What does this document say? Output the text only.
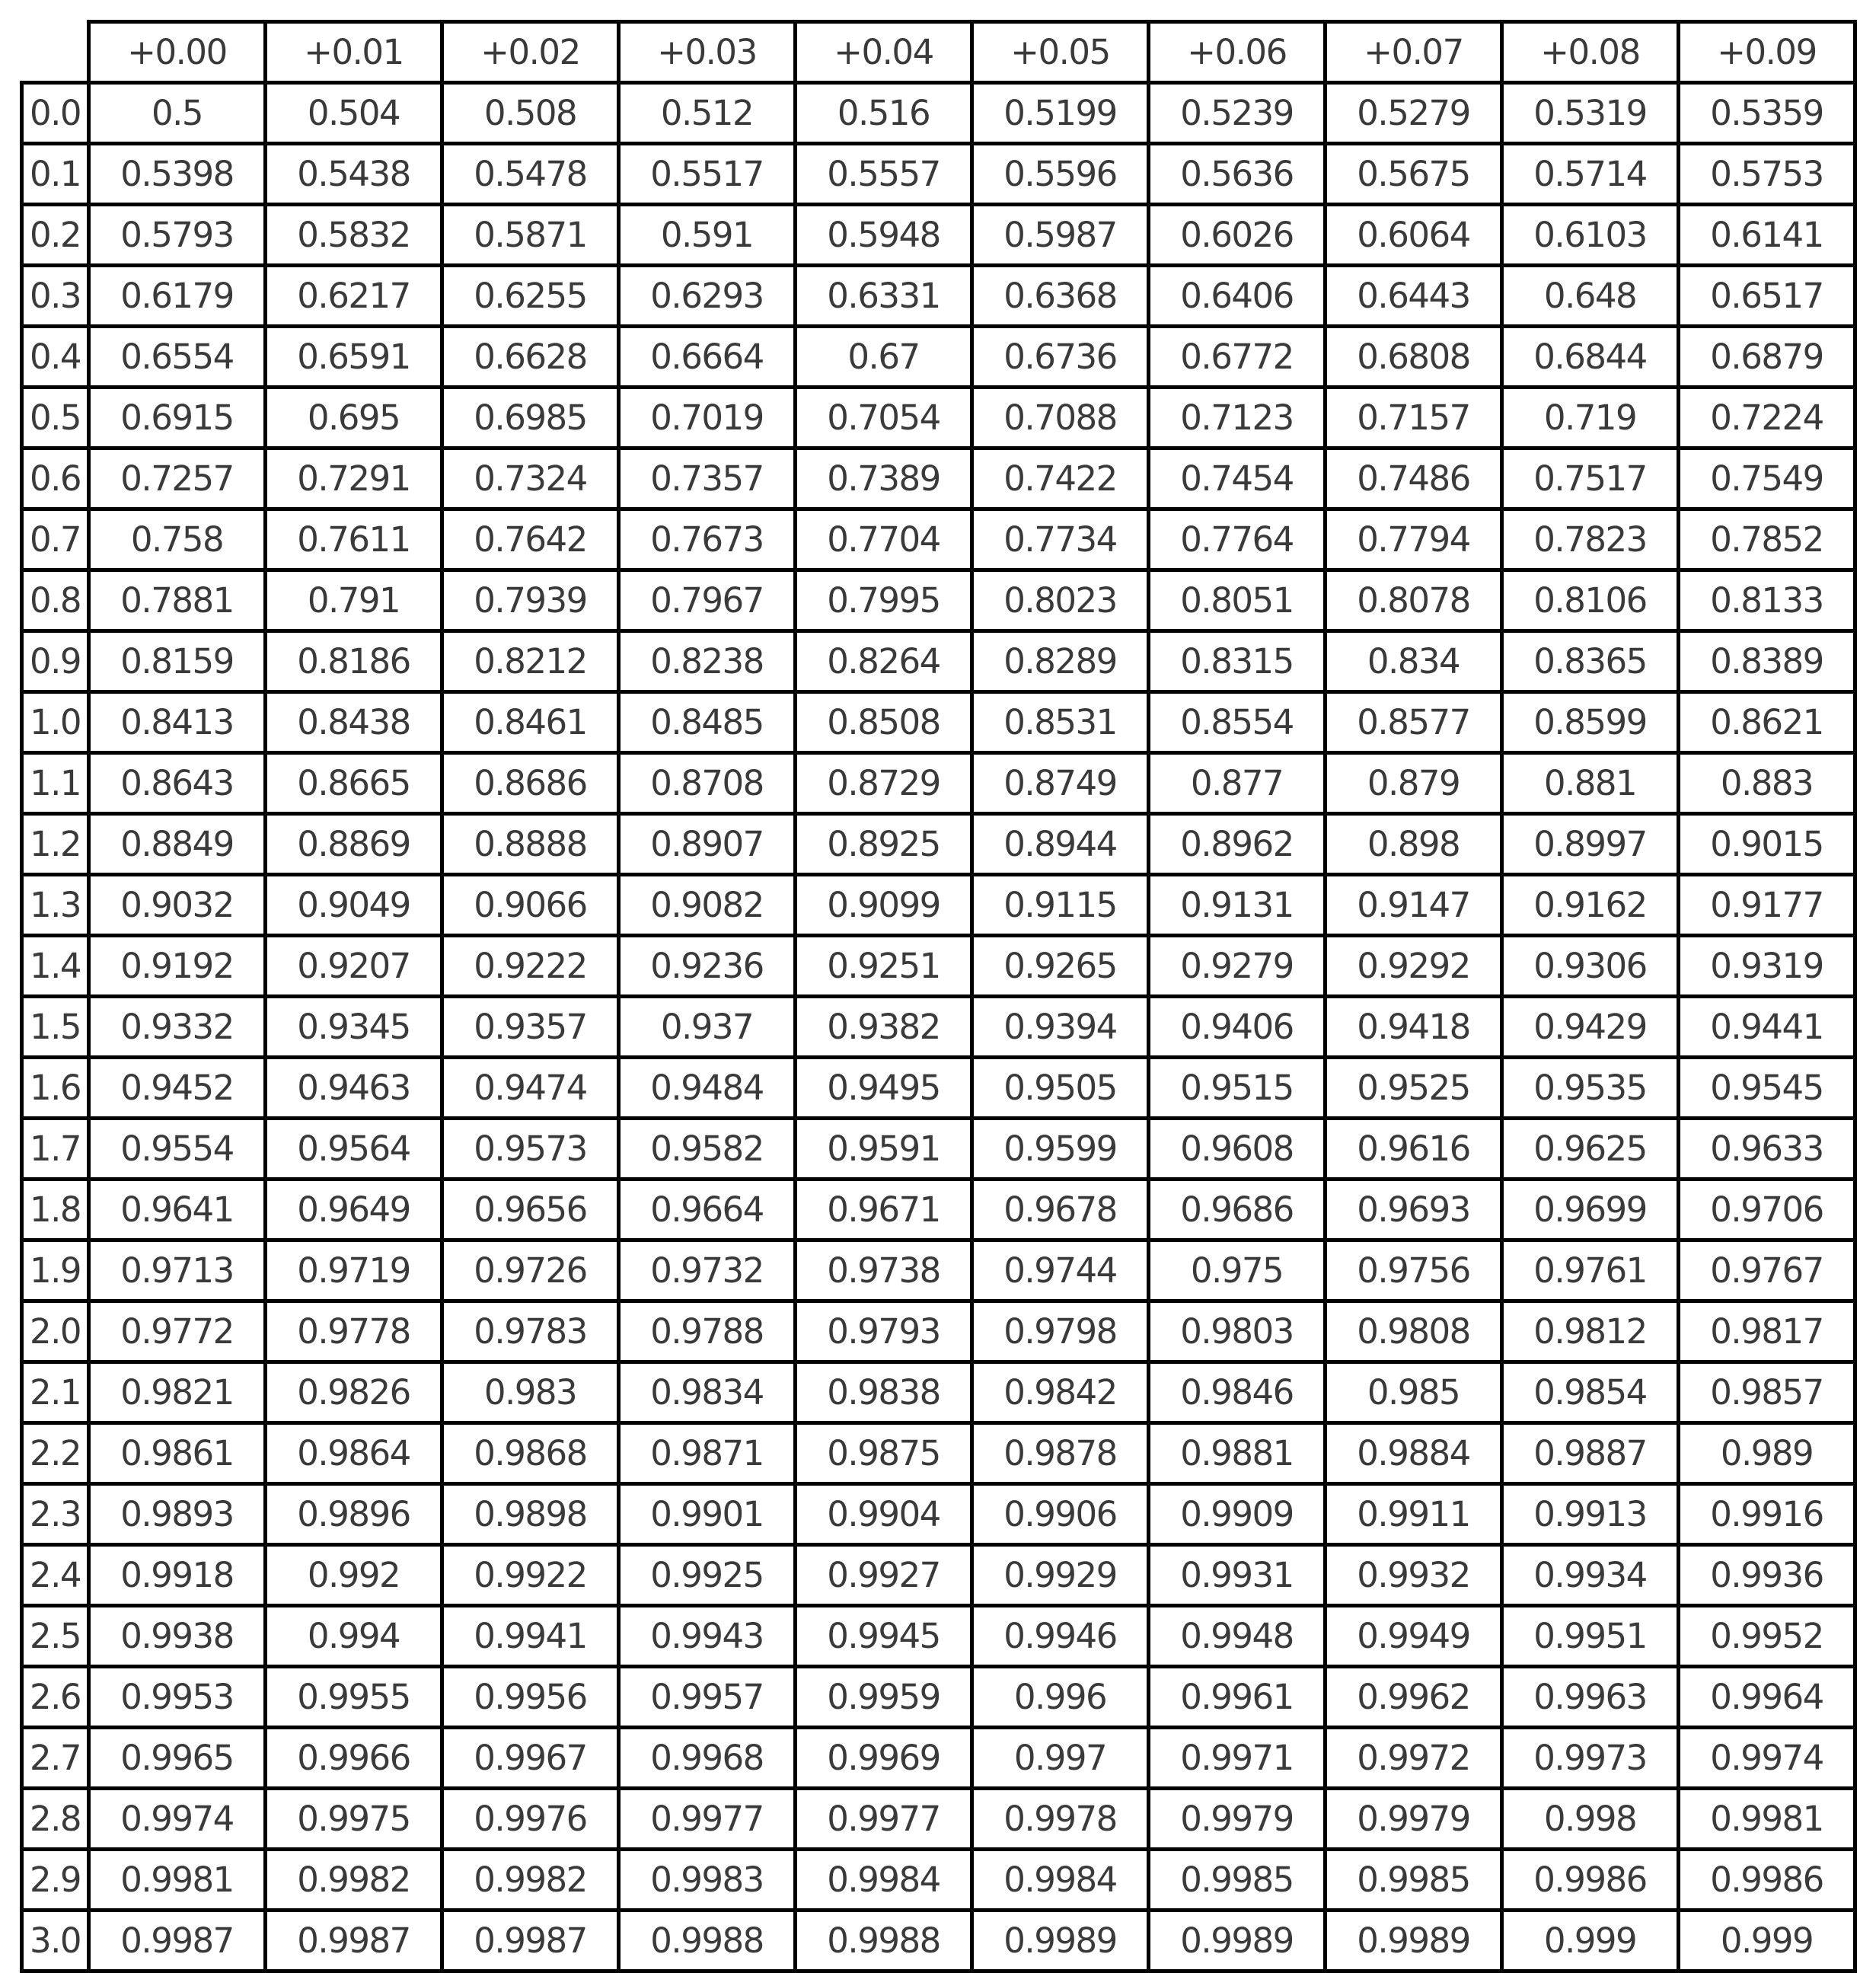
	+0.00	+0.01	+0.02	+0.03	+0.04	+0.05	+0.06	+0.07	+0.08	+0.09
0.0	0.5	0.504	0.508	0.512	0.516	0.5199	0.5239	0.5279	0.5319	0.5359
0.1	0.5398	0.5438	0.5478	0.5517	0.5557	0.5596	0.5636	0.5675	0.5714	0.5753
0.2	0.5793	0.5832	0.5871	0.591	0.5948	0.5987	0.6026	0.6064	0.6103	0.6141
0.3	0.6179	0.6217	0.6255	0.6293	0.6331	0.6368	0.6406	0.6443	0.648	0.6517
0.4	0.6554	0.6591	0.6628	0.6664	0.67	0.6736	0.6772	0.6808	0.6844	0.6879
0.5	0.6915	0.695	0.6985	0.7019	0.7054	0.7088	0.7123	0.7157	0.719	0.7224
0.6	0.7257	0.7291	0.7324	0.7357	0.7389	0.7422	0.7454	0.7486	0.7517	0.7549
0.7	0.758	0.7611	0.7642	0.7673	0.7704	0.7734	0.7764	0.7794	0.7823	0.7852
0.8	0.7881	0.791	0.7939	0.7967	0.7995	0.8023	0.8051	0.8078	0.8106	0.8133
0.9	0.8159	0.8186	0.8212	0.8238	0.8264	0.8289	0.8315	0.834	0.8365	0.8389
1.0	0.8413	0.8438	0.8461	0.8485	0.8508	0.8531	0.8554	0.8577	0.8599	0.8621
1.1	0.8643	0.8665	0.8686	0.8708	0.8729	0.8749	0.877	0.879	0.881	0.883
1.2	0.8849	0.8869	0.8888	0.8907	0.8925	0.8944	0.8962	0.898	0.8997	0.9015
1.3	0.9032	0.9049	0.9066	0.9082	0.9099	0.9115	0.9131	0.9147	0.9162	0.9177
1.4	0.9192	0.9207	0.9222	0.9236	0.9251	0.9265	0.9279	0.9292	0.9306	0.9319
1.5	0.9332	0.9345	0.9357	0.937	0.9382	0.9394	0.9406	0.9418	0.9429	0.9441
1.6	0.9452	0.9463	0.9474	0.9484	0.9495	0.9505	0.9515	0.9525	0.9535	0.9545
1.7	0.9554	0.9564	0.9573	0.9582	0.9591	0.9599	0.9608	0.9616	0.9625	0.9633
1.8	0.9641	0.9649	0.9656	0.9664	0.9671	0.9678	0.9686	0.9693	0.9699	0.9706
1.9	0.9713	0.9719	0.9726	0.9732	0.9738	0.9744	0.975	0.9756	0.9761	0.9767
2.0	0.9772	0.9778	0.9783	0.9788	0.9793	0.9798	0.9803	0.9808	0.9812	0.9817
2.1	0.9821	0.9826	0.983	0.9834	0.9838	0.9842	0.9846	0.985	0.9854	0.9857
2.2	0.9861	0.9864	0.9868	0.9871	0.9875	0.9878	0.9881	0.9884	0.9887	0.989
2.3	0.9893	0.9896	0.9898	0.9901	0.9904	0.9906	0.9909	0.9911	0.9913	0.9916
2.4	0.9918	0.992	0.9922	0.9925	0.9927	0.9929	0.9931	0.9932	0.9934	0.9936
2.5	0.9938	0.994	0.9941	0.9943	0.9945	0.9946	0.9948	0.9949	0.9951	0.9952
2.6	0.9953	0.9955	0.9956	0.9957	0.9959	0.996	0.9961	0.9962	0.9963	0.9964
2.7	0.9965	0.9966	0.9967	0.9968	0.9969	0.997	0.9971	0.9972	0.9973	0.9974
2.8	0.9974	0.9975	0.9976	0.9977	0.9977	0.9978	0.9979	0.9979	0.998	0.9981
2.9	0.9981	0.9982	0.9982	0.9983	0.9984	0.9984	0.9985	0.9985	0.9986	0.9986
3.0	0.9987	0.9987	0.9987	0.9988	0.9988	0.9989	0.9989	0.9989	0.999	0.999
